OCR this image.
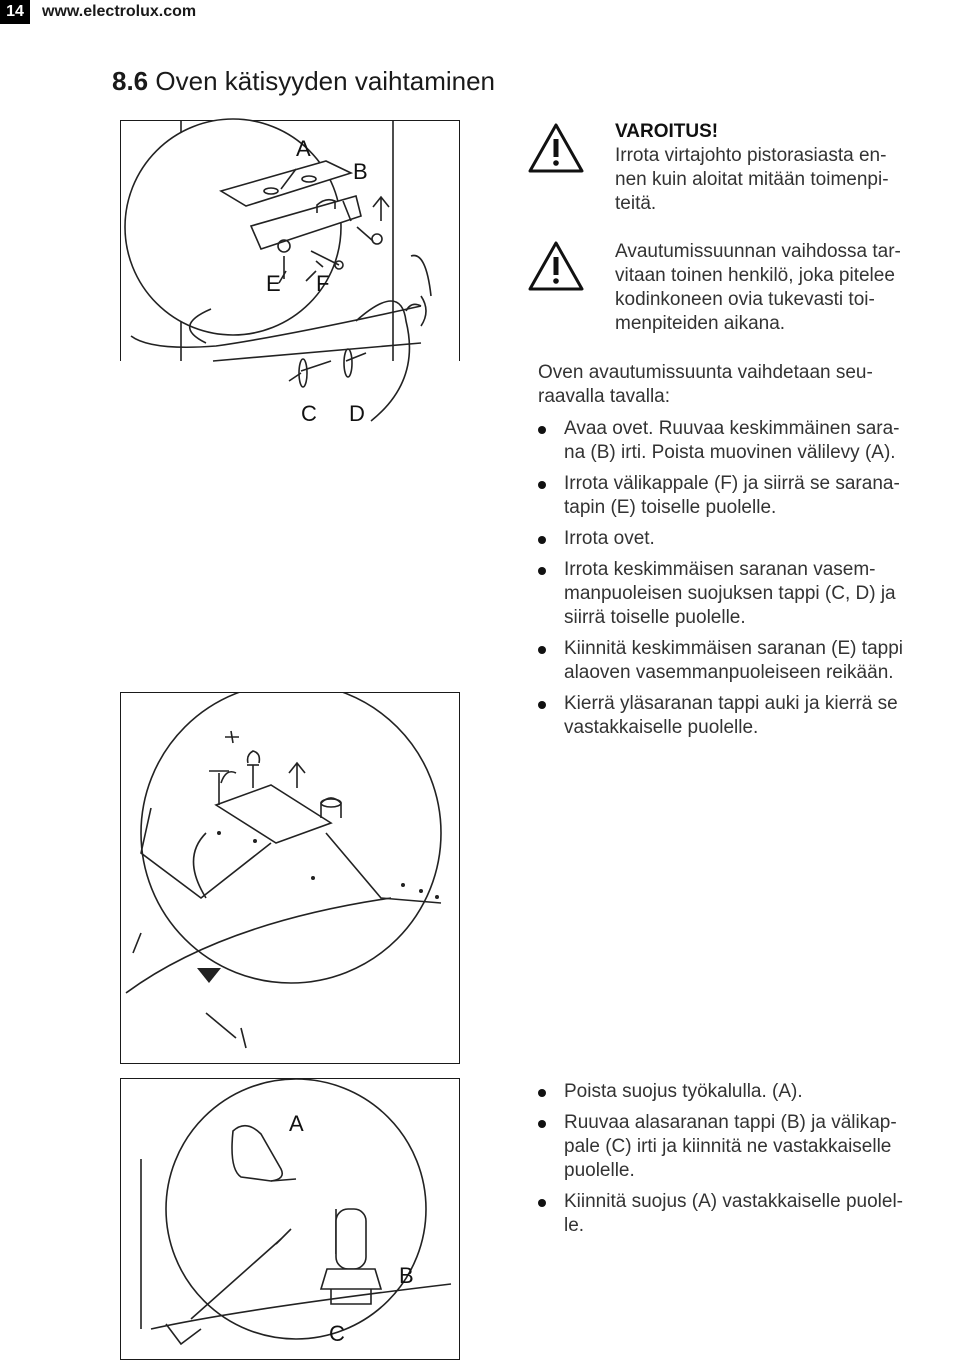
14	www.electrolux.com
8.6 Oven kätisyyden vaihtaminen
A
B
E F
C D
A
B
C
VAROITUS!
Irrota virtajohto pistorasiasta en-
nen kuin aloitat mitään toimenpi-
teitä.
Avautumissuunnan vaihdossa tar-
vitaan toinen henkilö, joka pitelee
kodinkoneen ovia tukevasti toi-
menpiteiden aikana.
Oven avautumissuunta vaihdetaan seu-
raavalla tavalla:
Avaa ovet. Ruuvaa keskimmäinen sara-
na (B) irti. Poista muovinen välilevy (A).
Irrota välikappale (F) ja siirrä se sarana-
tapin (E) toiselle puolelle.
Irrota ovet.
Irrota keskimmäisen saranan vasem-
manpuoleisen suojuksen tappi (C, D) ja
siirrä toiselle puolelle.
Kiinnitä keskimmäisen saranan (E) tappi
alaoven vasemmanpuoleiseen reikään.
Kierrä yläsaranan tappi auki ja kierrä se
vastakkaiselle puolelle.
Poista suojus työkalulla. (A).
Ruuvaa alasaranan tappi (B) ja välikap-
pale (C) irti ja kiinnitä ne vastakkaiselle
puolelle.
Kiinnitä suojus (A) vastakkaiselle puolel-
le.
